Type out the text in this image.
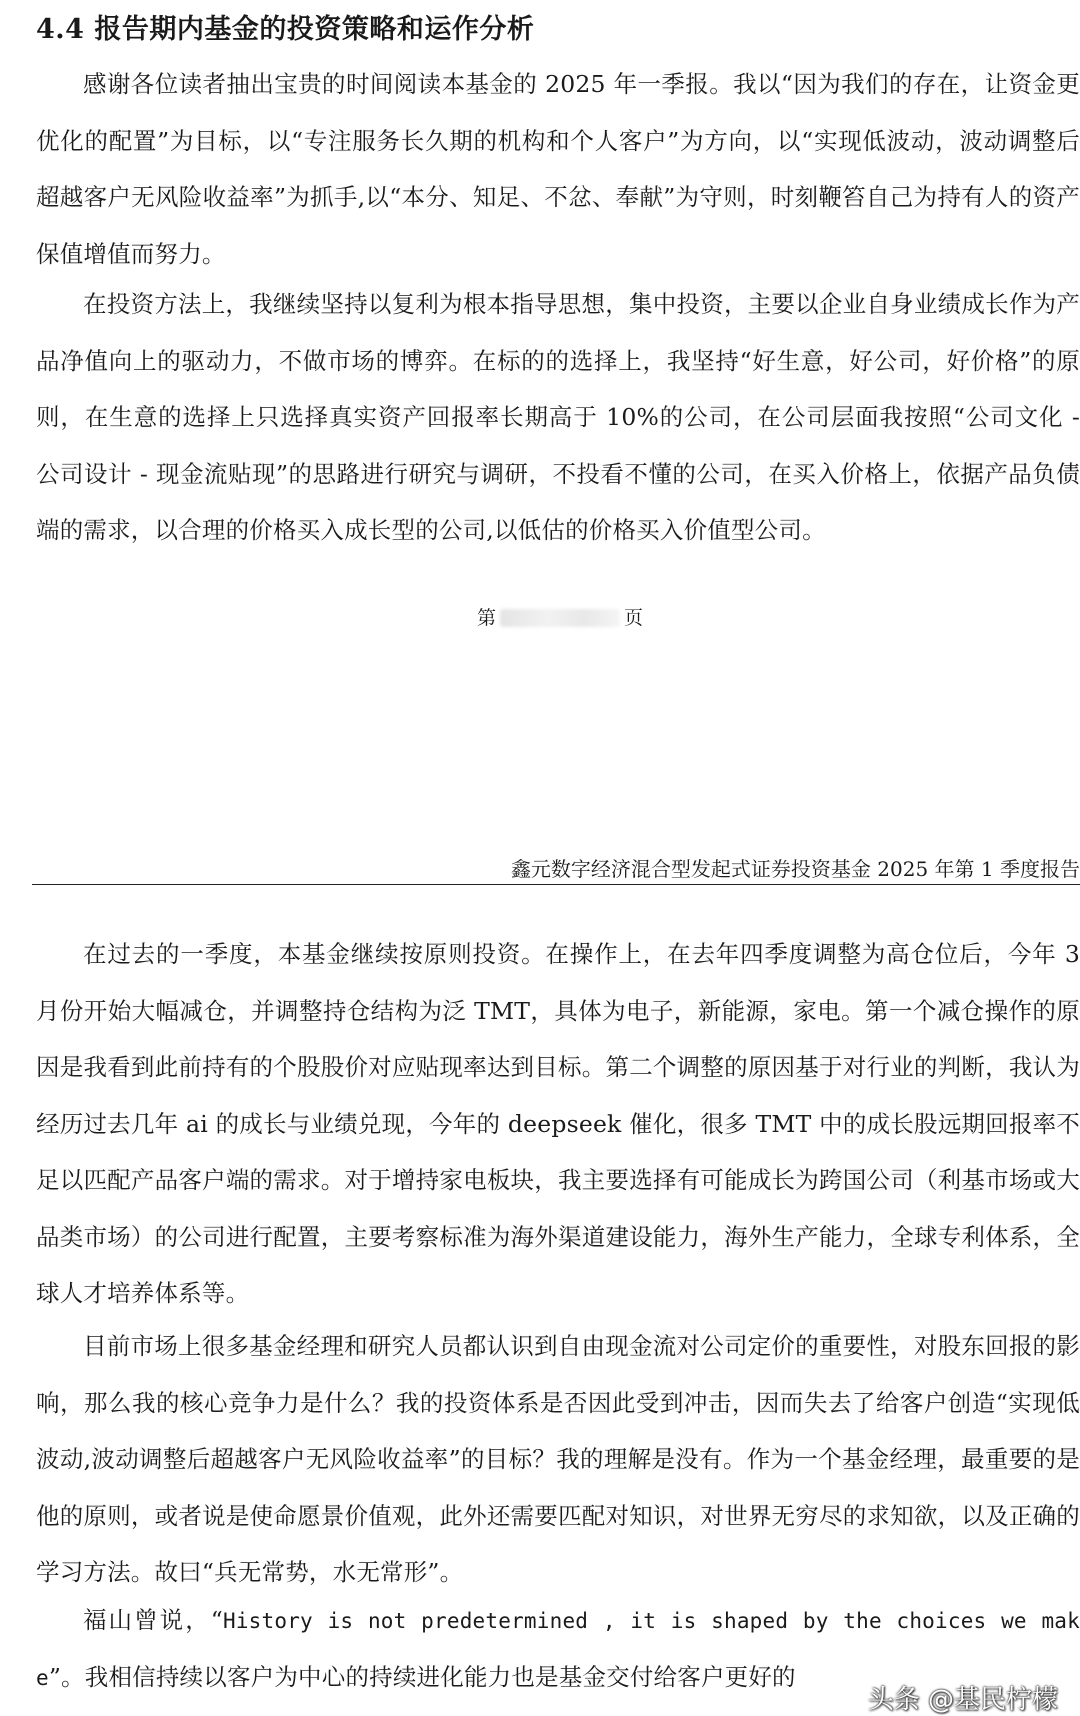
4.4 报告期内基金的投资策略和运作分析

感谢各位读者抽出宝贵的时间阅读本基金的 2025 年一季报。我以“因为我们的存在，让资金更优化的配置”为目标，以“专注服务长久期的机构和个人客户”为方向，以“实现低波动，波动调整后超越客户无风险收益率”为抓手,以“本分、知足、不忿、奉献”为守则，时刻鞭笞自己为持有人的资产保值增值而努力。

在投资方法上，我继续坚持以复利为根本指导思想，集中投资，主要以企业自身业绩成长作为产品净值向上的驱动力，不做市场的博弈。在标的的选择上，我坚持“好生意，好公司，好价格”的原则，在生意的选择上只选择真实资产回报率长期高于 10%的公司，在公司层面我按照“公司文化 - 公司设计 - 现金流贴现”的思路进行研究与调研，不投看不懂的公司，在买入价格上，依据产品负债端的需求，以合理的价格买入成长型的公司,以低估的价格买入价值型公司。

第	页
鑫元数字经济混合型发起式证券投资基金 2025 年第 1 季度报告

在过去的一季度，本基金继续按原则投资。在操作上，在去年四季度调整为高仓位后，今年 3 月份开始大幅减仓，并调整持仓结构为泛 TMT，具体为电子，新能源，家电。第一个减仓操作的原因是我看到此前持有的个股股价对应贴现率达到目标。第二个调整的原因基于对行业的判断，我认为经历过去几年 ai 的成长与业绩兑现，今年的 deepseek 催化，很多 TMT 中的成长股远期回报率不足以匹配产品客户端的需求。对于增持家电板块，我主要选择有可能成长为跨国公司（利基市场或大品类市场）的公司进行配置，主要考察标准为海外渠道建设能力，海外生产能力，全球专利体系，全球人才培养体系等。

目前市场上很多基金经理和研究人员都认识到自由现金流对公司定价的重要性，对股东回报的影响，那么我的核心竞争力是什么？我的投资体系是否因此受到冲击，因而失去了给客户创造“实现低波动,波动调整后超越客户无风险收益率”的目标？我的理解是没有。作为一个基金经理，最重要的是他的原则，或者说是使命愿景价值观，此外还需要匹配对知识，对世界无穷尽的求知欲，以及正确的学习方法。故曰“兵无常势，水无常形”。

福山曾说，“History is not predetermined , it is shaped by the choices we make”。我相信持续以客户为中心的持续进化能力也是基金交付给客户更好的

头条 @基民柠檬
